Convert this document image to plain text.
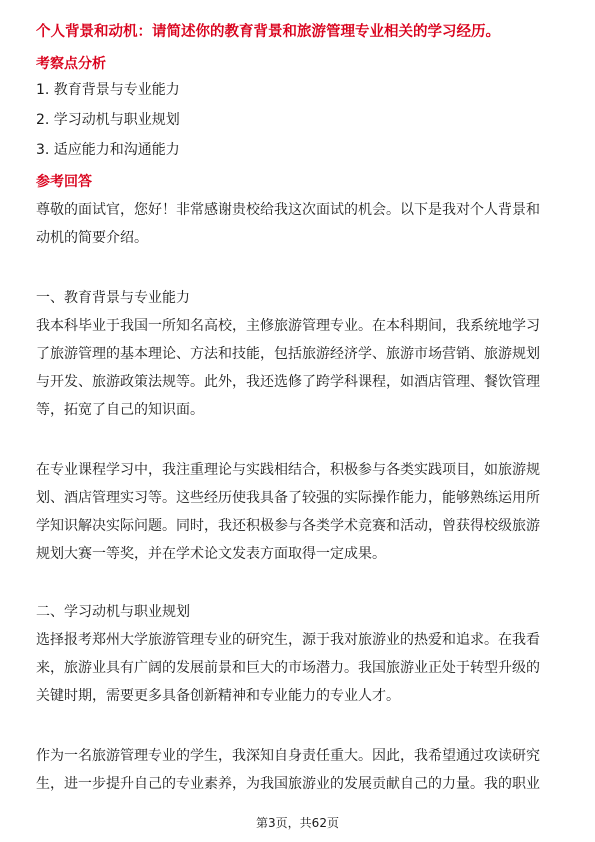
个人背景和动机：请简述你的教育背景和旅游管理专业相关的学习经历。
考察点分析
1. 教育背景与专业能力
2. 学习动机与职业规划
3. 适应能力和沟通能力
参考回答
尊敬的面试官，您好！非常感谢贵校给我这次面试的机会。以下是我对个人背景和
动机的简要介绍。
一、教育背景与专业能力
我本科毕业于我国一所知名高校，主修旅游管理专业。在本科期间，我系统地学习
了旅游管理的基本理论、方法和技能，包括旅游经济学、旅游市场营销、旅游规划
与开发、旅游政策法规等。此外，我还选修了跨学科课程，如酒店管理、餐饮管理
等，拓宽了自己的知识面。
在专业课程学习中，我注重理论与实践相结合，积极参与各类实践项目，如旅游规
划、酒店管理实习等。这些经历使我具备了较强的实际操作能力，能够熟练运用所
学知识解决实际问题。同时，我还积极参与各类学术竞赛和活动，曾获得校级旅游
规划大赛一等奖，并在学术论文发表方面取得一定成果。
二、学习动机与职业规划
选择报考郑州大学旅游管理专业的研究生，源于我对旅游业的热爱和追求。在我看
来，旅游业具有广阔的发展前景和巨大的市场潜力。我国旅游业正处于转型升级的
关键时期，需要更多具备创新精神和专业能力的专业人才。
作为一名旅游管理专业的学生，我深知自身责任重大。因此，我希望通过攻读研究
生，进一步提升自己的专业素养，为我国旅游业的发展贡献自己的力量。我的职业
第3页，共62页
